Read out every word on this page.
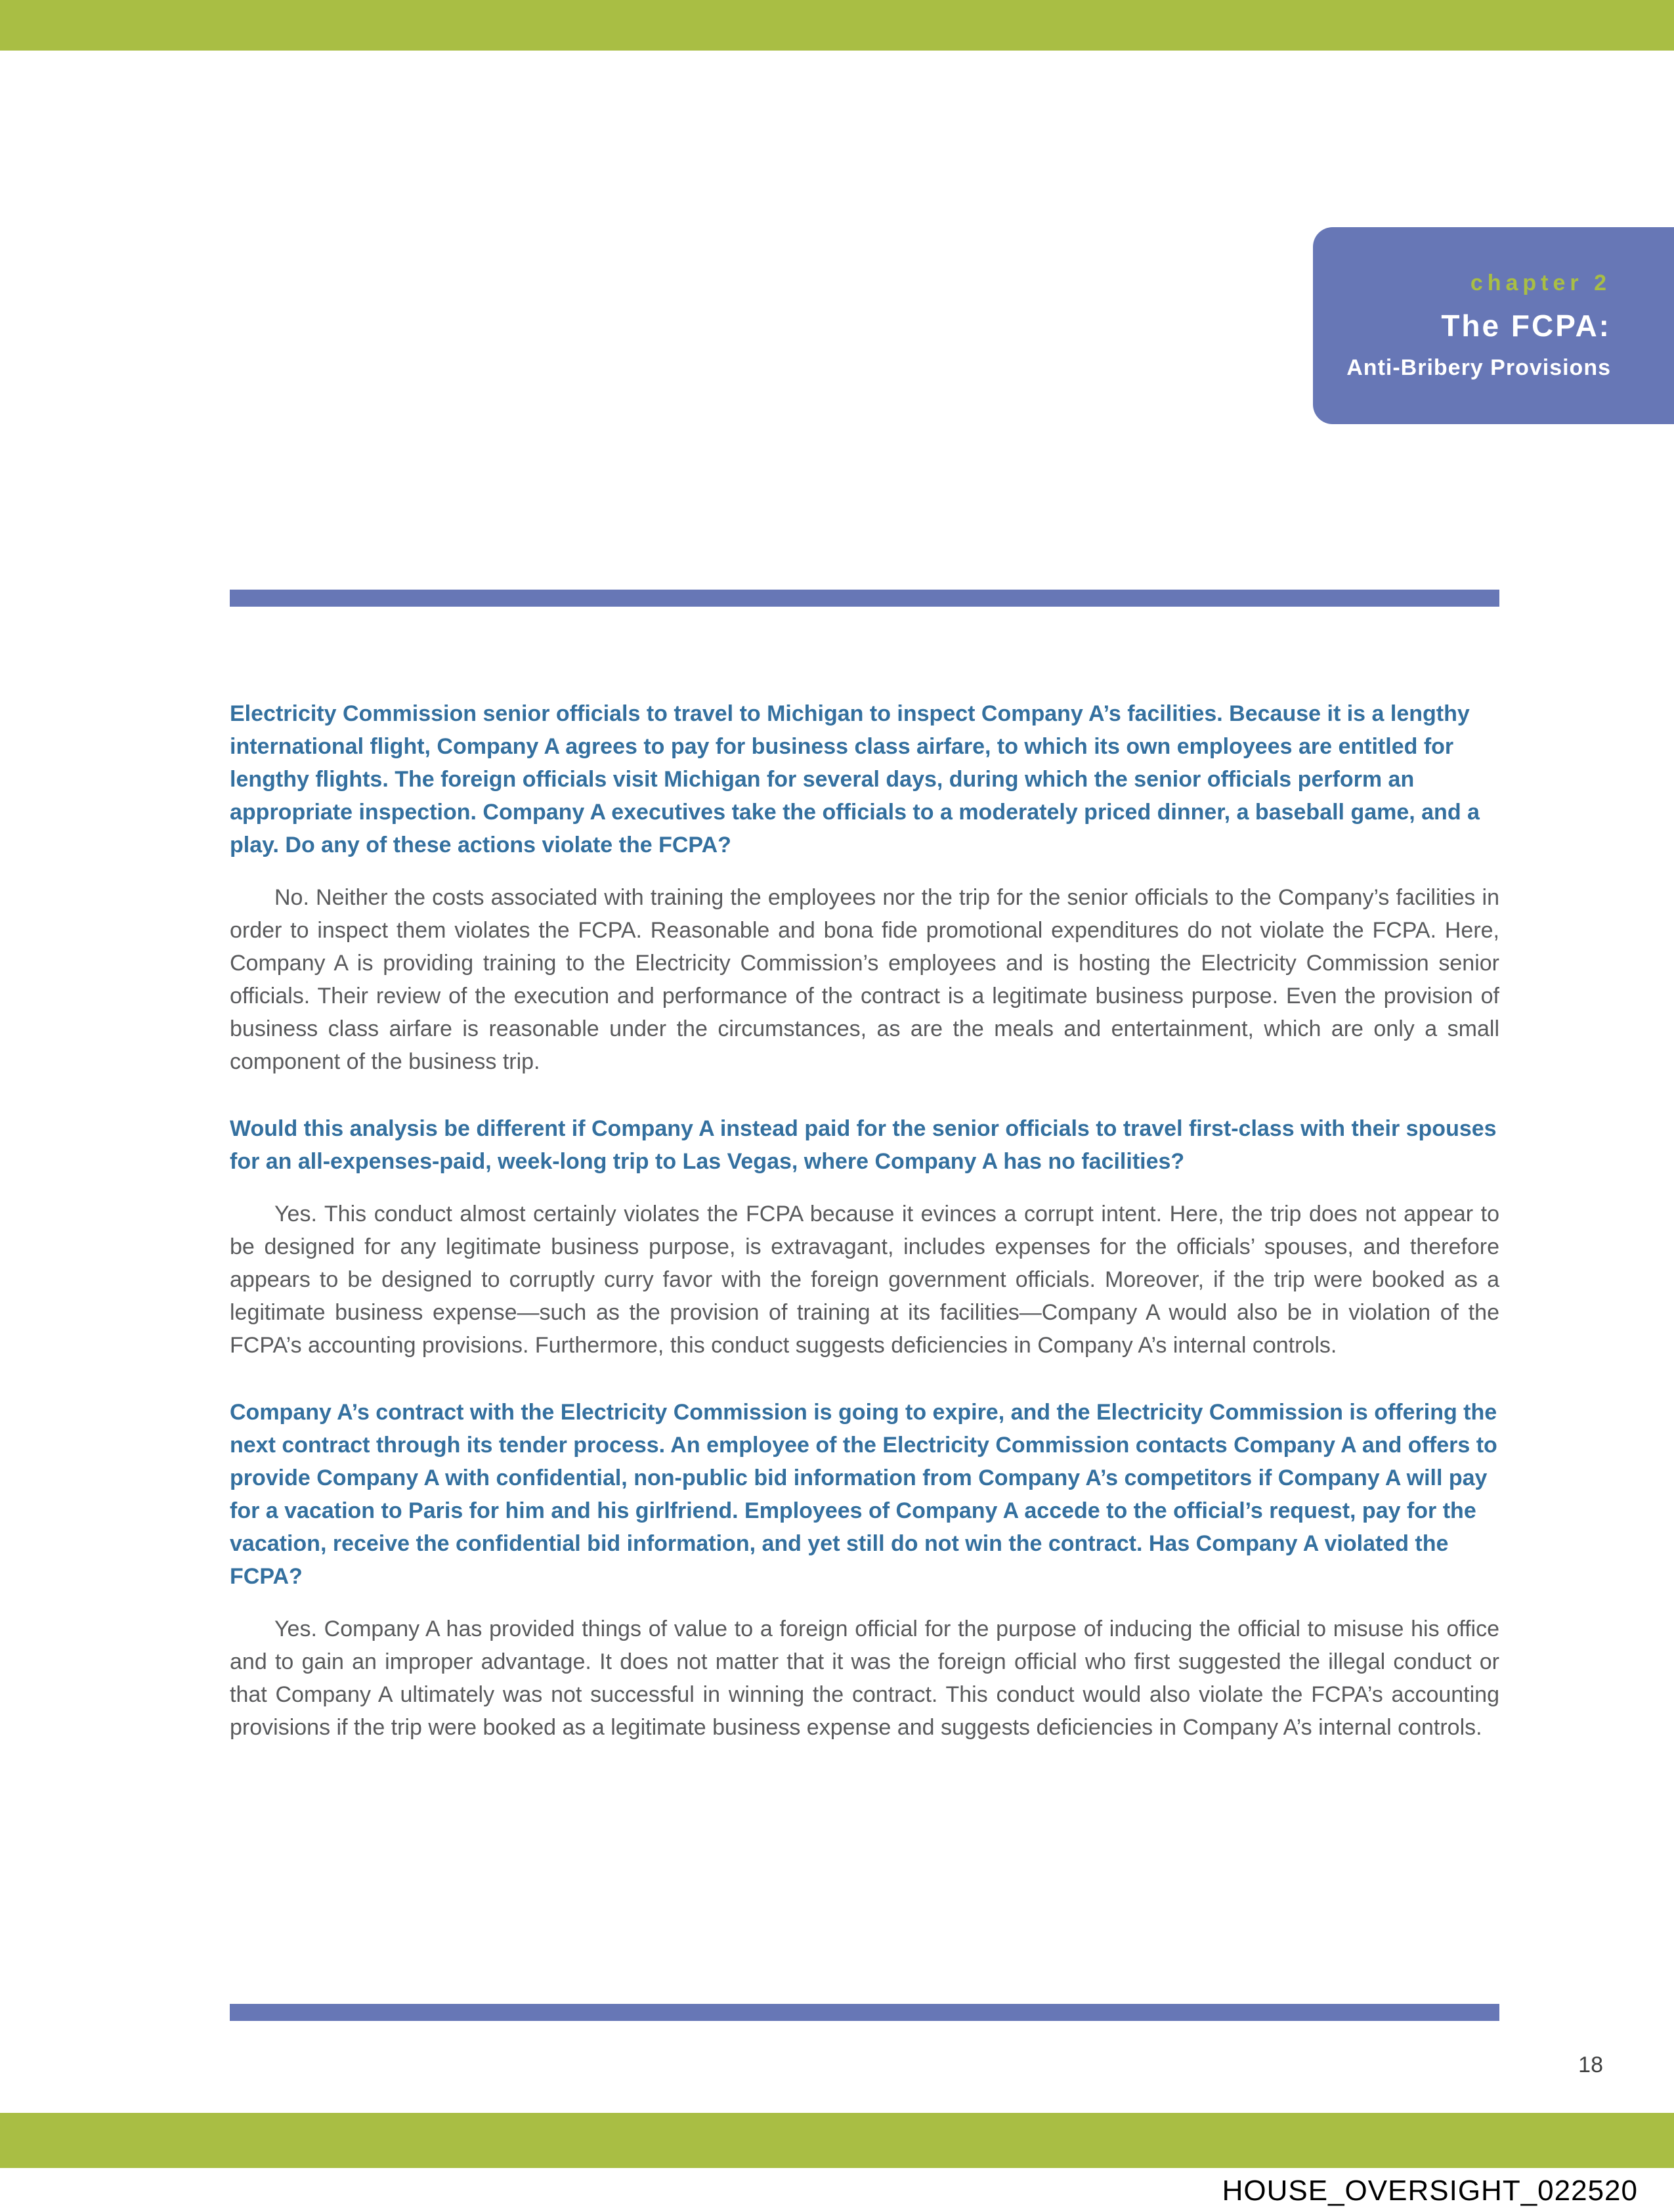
chapter 2
The FCPA:
Anti-Bribery Provisions

Electricity Commission senior officials to travel to Michigan to inspect Company A’s facilities. Because it is a lengthy international flight, Company A agrees to pay for business class airfare, to which its own employees are entitled for lengthy flights. The foreign officials visit Michigan for several days, during which the senior officials perform an appropriate inspection. Company A executives take the officials to a moderately priced dinner, a baseball game, and a play. Do any of these actions violate the FCPA?

No. Neither the costs associated with training the employees nor the trip for the senior officials to the Company’s facilities in order to inspect them violates the FCPA. Reasonable and bona fide promotional expenditures do not violate the FCPA. Here, Company A is providing training to the Electricity Commission’s employees and is hosting the Electricity Commission senior officials. Their review of the execution and performance of the contract is a legitimate business purpose. Even the provision of business class airfare is reasonable under the circumstances, as are the meals and entertainment, which are only a small component of the business trip.

Would this analysis be different if Company A instead paid for the senior officials to travel first-class with their spouses for an all-expenses-paid, week-long trip to Las Vegas, where Company A has no facilities?

Yes. This conduct almost certainly violates the FCPA because it evinces a corrupt intent. Here, the trip does not appear to be designed for any legitimate business purpose, is extravagant, includes expenses for the officials’ spouses, and therefore appears to be designed to corruptly curry favor with the foreign government officials. Moreover, if the trip were booked as a legitimate business expense—such as the provision of training at its facilities—Company A would also be in violation of the FCPA’s accounting provisions. Furthermore, this conduct suggests deficiencies in Company A’s internal controls.

Company A’s contract with the Electricity Commission is going to expire, and the Electricity Commission is offering the next contract through its tender process. An employee of the Electricity Commission contacts Company A and offers to provide Company A with confidential, non-public bid information from Company A’s competitors if Company A will pay for a vacation to Paris for him and his girlfriend. Employees of Company A accede to the official’s request, pay for the vacation, receive the confidential bid information, and yet still do not win the contract. Has Company A violated the FCPA?

Yes. Company A has provided things of value to a foreign official for the purpose of inducing the official to misuse his office and to gain an improper advantage. It does not matter that it was the foreign official who first suggested the illegal conduct or that Company A ultimately was not successful in winning the contract. This conduct would also violate the FCPA’s accounting provisions if the trip were booked as a legitimate business expense and suggests deficiencies in Company A’s internal controls.

18
HOUSE_OVERSIGHT_022520
